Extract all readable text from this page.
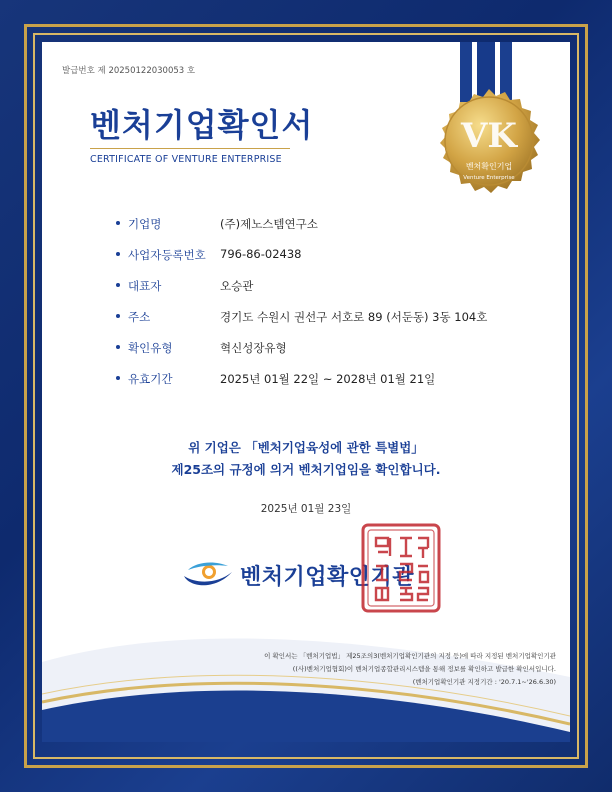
발급번호 제 20250122030053 호
벤처기업확인서
CERTIFICATE OF VENTURE ENTERPRISE
VK
벤처확인기업
Venture Enterprise
기업명	(주)제노스템연구소
사업자등록번호 796-86-02438
대표자	오승관
주소	경기도 수원시 권선구 서호로 89 (서둔동) 3동 104호
확인유형	혁신성장유형
유효기간	2025년 01월 22일 ~ 2028년 01월 21일
위 기업은 「벤처기업육성에 관한 특별법」
제25조의 규정에 의거 벤처기업임을 확인합니다.
2025년 01월 23일
벤처기업확인기관
이 확인서는 「벤처기업법」 제25조의3(벤처기업확인기관의 지정 등)에 따라 지정된 벤처기업확인기관
((사)벤처기업협회)이 벤처기업종합관리시스템을 통해 정보를 확인하고 발급한 확인서입니다.
(벤처기업확인기관 지정기간 : '20.7.1~'26.6.30)
